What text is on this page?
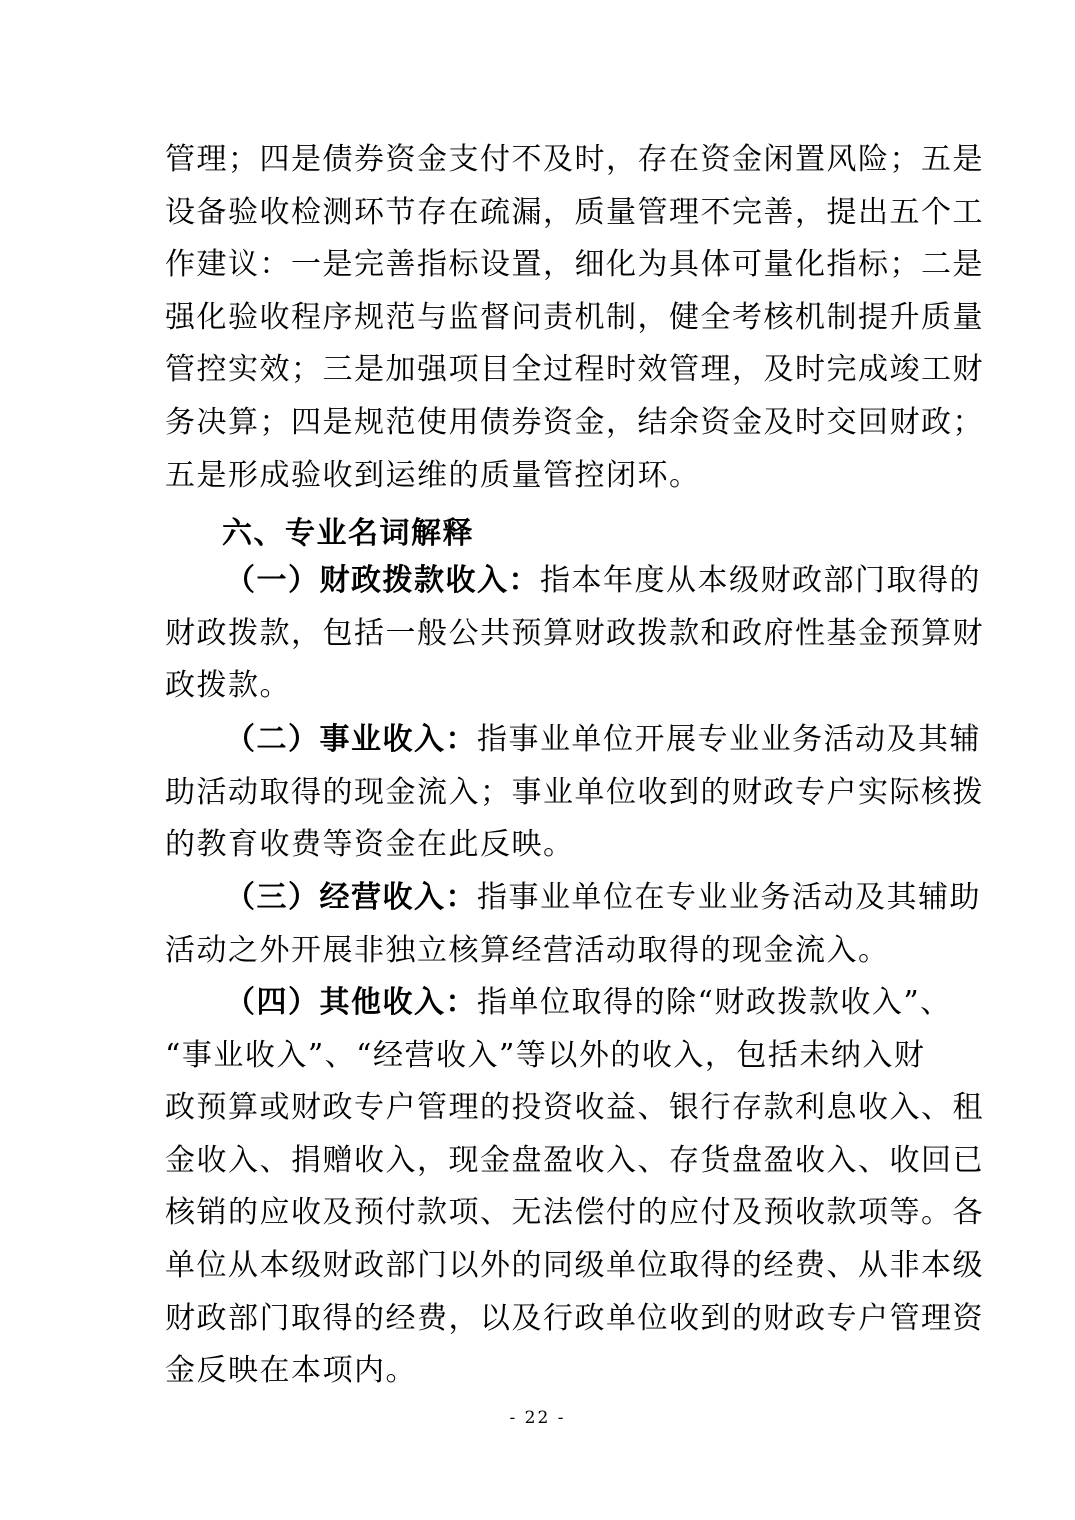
管理；四是债券资金支付不及时，存在资金闲置风险；五是
设备验收检测环节存在疏漏，质量管理不完善，提出五个工
作建议：一是完善指标设置，细化为具体可量化指标；二是
强化验收程序规范与监督问责机制，健全考核机制提升质量
管控实效；三是加强项目全过程时效管理，及时完成竣工财
务决算；四是规范使用债券资金，结余资金及时交回财政；
五是形成验收到运维的质量管控闭环。
六、专业名词解释
（一）财政拨款收入：指本年度从本级财政部门取得的
财政拨款，包括一般公共预算财政拨款和政府性基金预算财
政拨款。
（二）事业收入：指事业单位开展专业业务活动及其辅
助活动取得的现金流入；事业单位收到的财政专户实际核拨
的教育收费等资金在此反映。
（三）经营收入：指事业单位在专业业务活动及其辅助
活动之外开展非独立核算经营活动取得的现金流入。
（四）其他收入：指单位取得的除“财政拨款收入”、
“事业收入”、“经营收入”等以外的收入，包括未纳入财
政预算或财政专户管理的投资收益、银行存款利息收入、租
金收入、捐赠收入，现金盘盈收入、存货盘盈收入、收回已
核销的应收及预付款项、无法偿付的应付及预收款项等。各
单位从本级财政部门以外的同级单位取得的经费、从非本级
财政部门取得的经费，以及行政单位收到的财政专户管理资
金反映在本项内。
- 22 -
